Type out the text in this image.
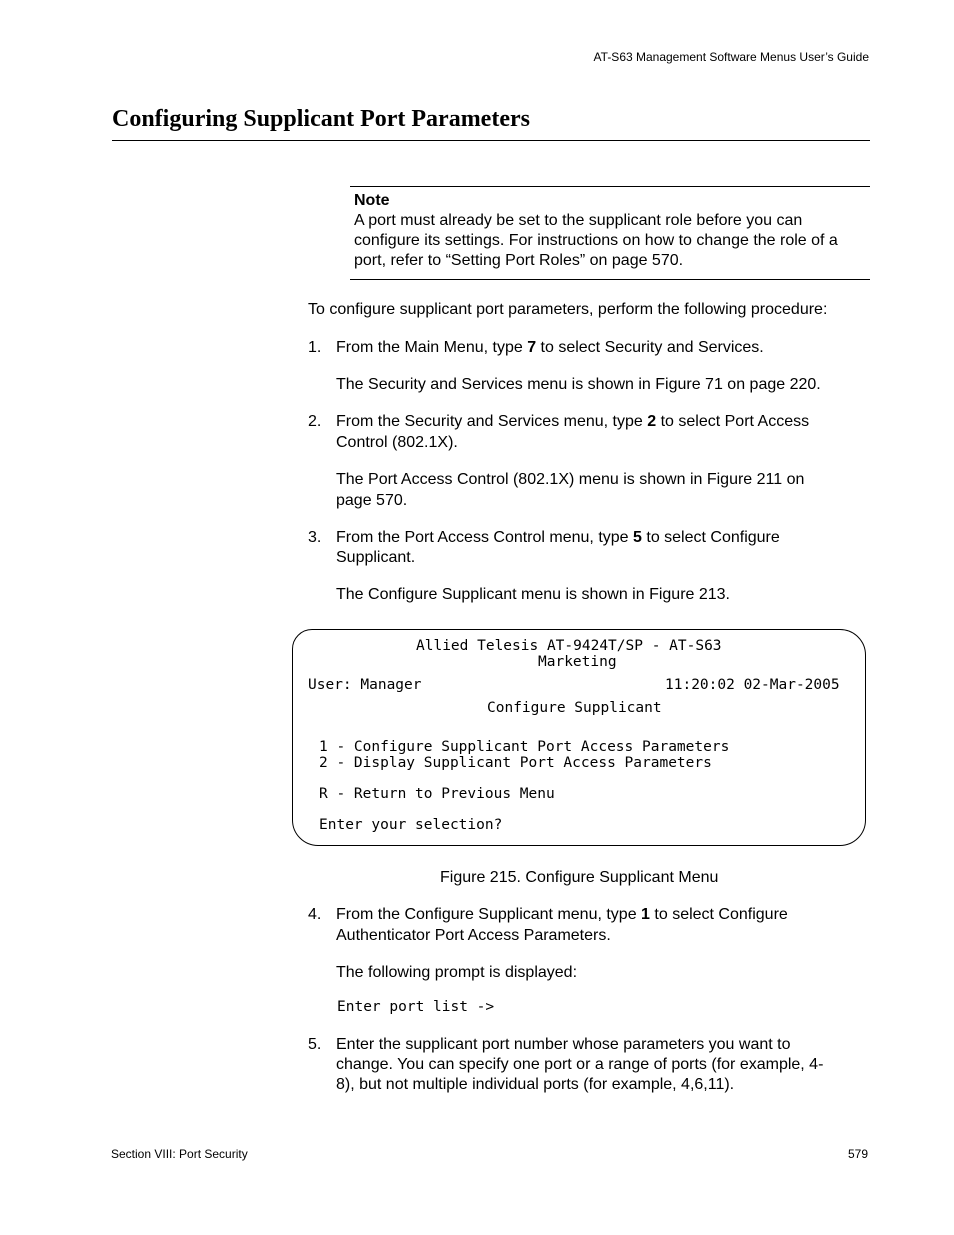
AT-S63 Management Software Menus User’s Guide
Configuring Supplicant Port Parameters
Note
A port must already be set to the supplicant role before you can
configure its settings. For instructions on how to change the role of a
port, refer to “Setting Port Roles” on page 570.
To configure supplicant port parameters, perform the following procedure:
1. From the Main Menu, type 7 to select Security and Services.
The Security and Services menu is shown in Figure 71 on page 220.
2. From the Security and Services menu, type 2 to select Port Access
Control (802.1X).
The Port Access Control (802.1X) menu is shown in Figure 211 on
page 570.
3. From the Port Access Control menu, type 5 to select Configure
Supplicant.
The Configure Supplicant menu is shown in Figure 213.
Allied Telesis AT-9424T/SP - AT-S63
Marketing
User: Manager	11:20:02 02-Mar-2005
Configure Supplicant
1 - Configure Supplicant Port Access Parameters
2 - Display Supplicant Port Access Parameters
R - Return to Previous Menu
Enter your selection?
Figure 215. Configure Supplicant Menu
4. From the Configure Supplicant menu, type 1 to select Configure
Authenticator Port Access Parameters.
The following prompt is displayed:
Enter port list ->
5. Enter the supplicant port number whose parameters you want to
change. You can specify one port or a range of ports (for example, 4-
8), but not multiple individual ports (for example, 4,6,11).
Section VIII: Port Security	579
